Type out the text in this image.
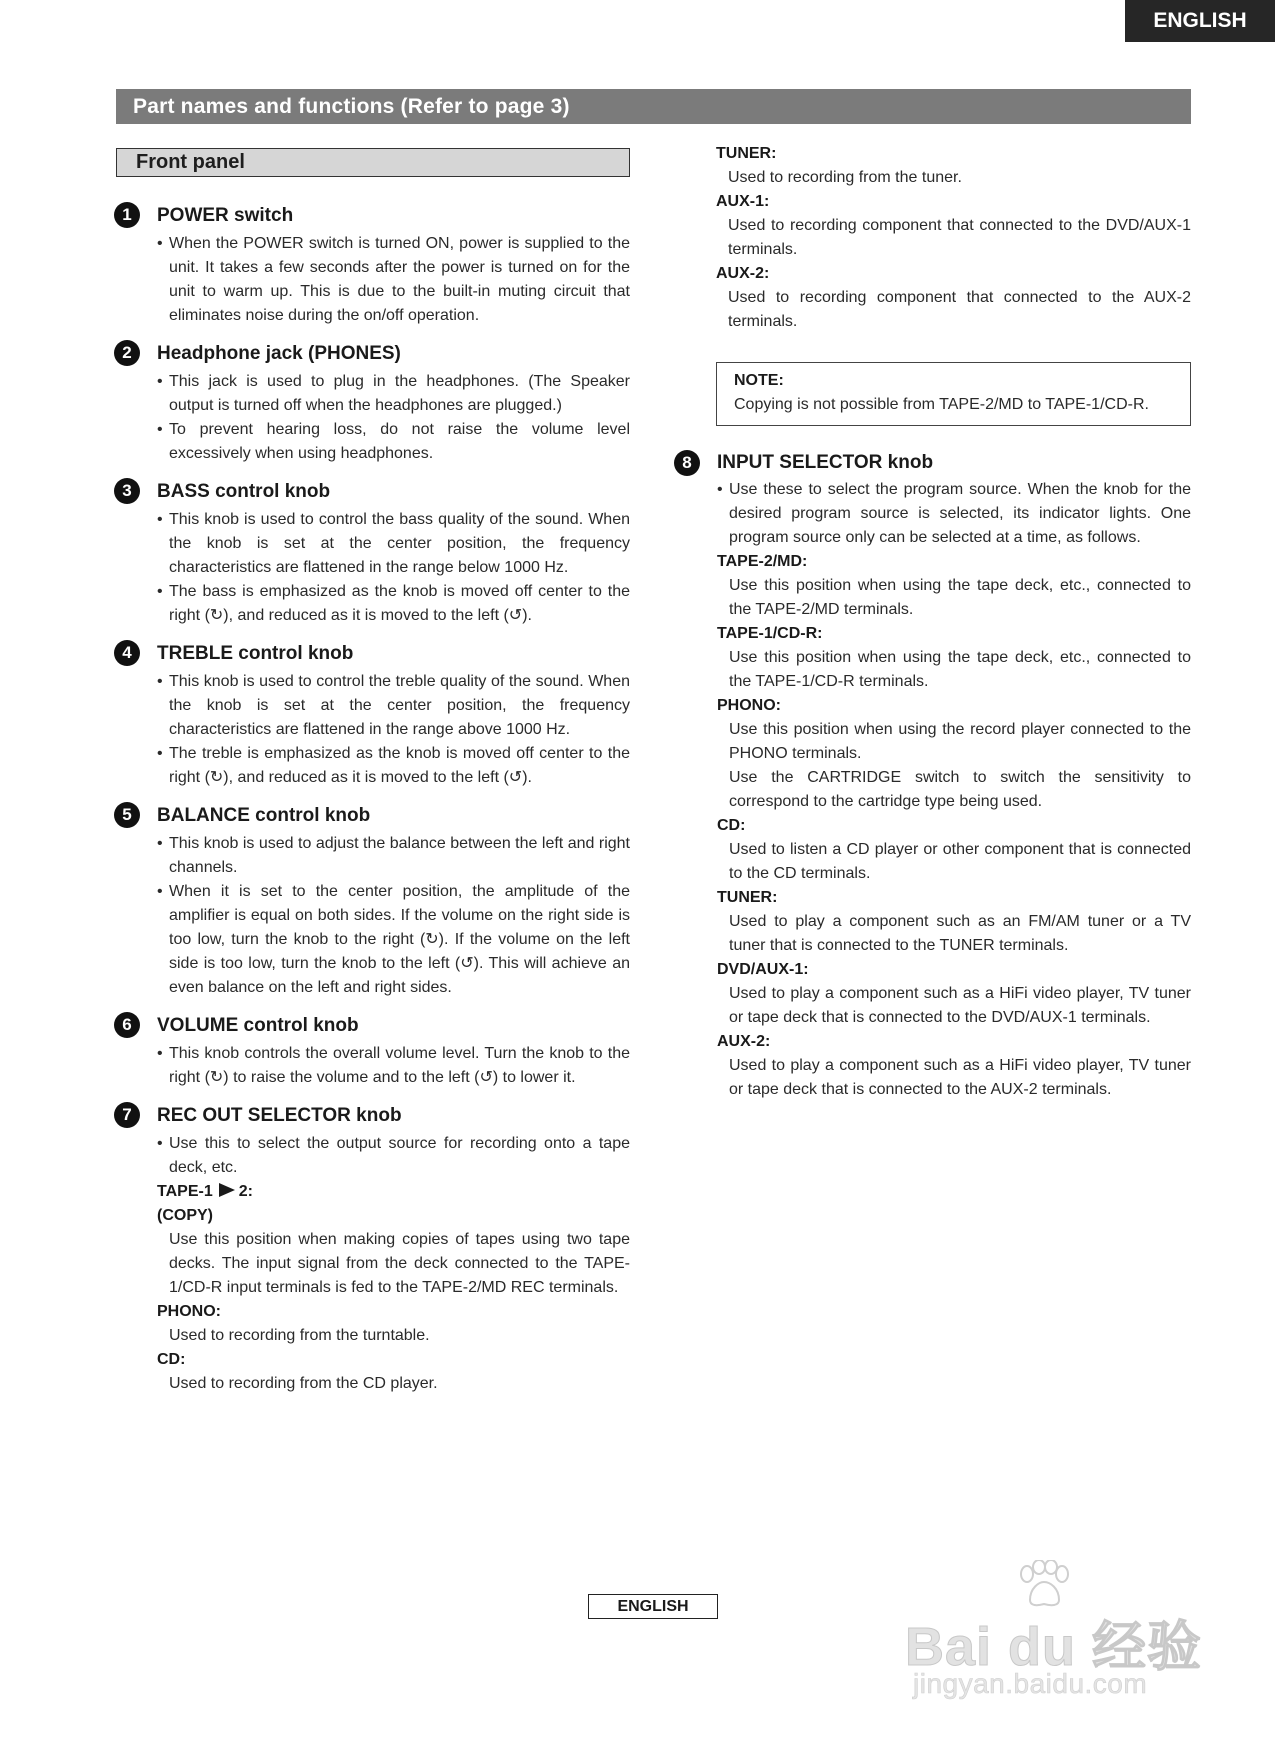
ENGLISH
Part names and functions (Refer to page 3)
Front panel
1	POWER switch
• When the POWER switch is turned ON, power is supplied to the unit. It takes a few seconds after the power is turned on for the unit to warm up. This is due to the built-in muting circuit that eliminates noise during the on/off operation.
2	Headphone jack (PHONES)
• This jack is used to plug in the headphones. (The Speaker output is turned off when the headphones are plugged.)
• To prevent hearing loss, do not raise the volume level excessively when using headphones.
3	BASS control knob
• This knob is used to control the bass quality of the sound. When the knob is set at the center position, the frequency characteristics are flattened in the range below 1000 Hz.
• The bass is emphasized as the knob is moved off center to the right (↻), and reduced as it is moved to the left (↺).
4	TREBLE control knob
• This knob is used to control the treble quality of the sound. When the knob is set at the center position, the frequency characteristics are flattened in the range above 1000 Hz.
• The treble is emphasized as the knob is moved off center to the right (↻), and reduced as it is moved to the left (↺).
5	BALANCE control knob
• This knob is used to adjust the balance between the left and right channels.
• When it is set to the center position, the amplitude of the amplifier is equal on both sides. If the volume on the right side is too low, turn the knob to the right (↻). If the volume on the left side is too low, turn the knob to the left (↺). This will achieve an even balance on the left and right sides.
6	VOLUME control knob
• This knob controls the overall volume level. Turn the knob to the right (↻) to raise the volume and to the left (↺) to lower it.
7	REC OUT SELECTOR knob
• Use this to select the output source for recording onto a tape deck, etc.
TAPE-1 2:
(COPY)
Use this position when making copies of tapes using two tape decks. The input signal from the deck connected to the TAPE-1/CD-R input terminals is fed to the TAPE-2/MD REC terminals.
PHONO:
Used to recording from the turntable.
CD:
Used to recording from the CD player.
TUNER:
Used to recording from the tuner.
AUX-1:
Used to recording component that connected to the DVD/AUX-1 terminals.
AUX-2:
Used to recording component that connected to the AUX-2 terminals.
NOTE:
Copying is not possible from TAPE-2/MD to TAPE-1/CD-R.
8	INPUT SELECTOR knob
• Use these to select the program source. When the knob for the desired program source is selected, its indicator lights. One program source only can be selected at a time, as follows.
TAPE-2/MD:
Use this position when using the tape deck, etc., connected to the TAPE-2/MD terminals.
TAPE-1/CD-R:
Use this position when using the tape deck, etc., connected to the TAPE-1/CD-R terminals.
PHONO:
Use this position when using the record player connected to the PHONO terminals.
Use the CARTRIDGE switch to switch the sensitivity to correspond to the cartridge type being used.
CD:
Used to listen a CD player or other component that is connected to the CD terminals.
TUNER:
Used to play a component such as an FM/AM tuner or a TV tuner that is connected to the TUNER terminals.
DVD/AUX-1:
Used to play a component such as a HiFi video player, TV tuner or tape deck that is connected to the DVD/AUX-1 terminals.
AUX-2:
Used to play a component such as a HiFi video player, TV tuner or tape deck that is connected to the AUX-2 terminals.
ENGLISH
Bai du 经验
jingyan.baidu.com
